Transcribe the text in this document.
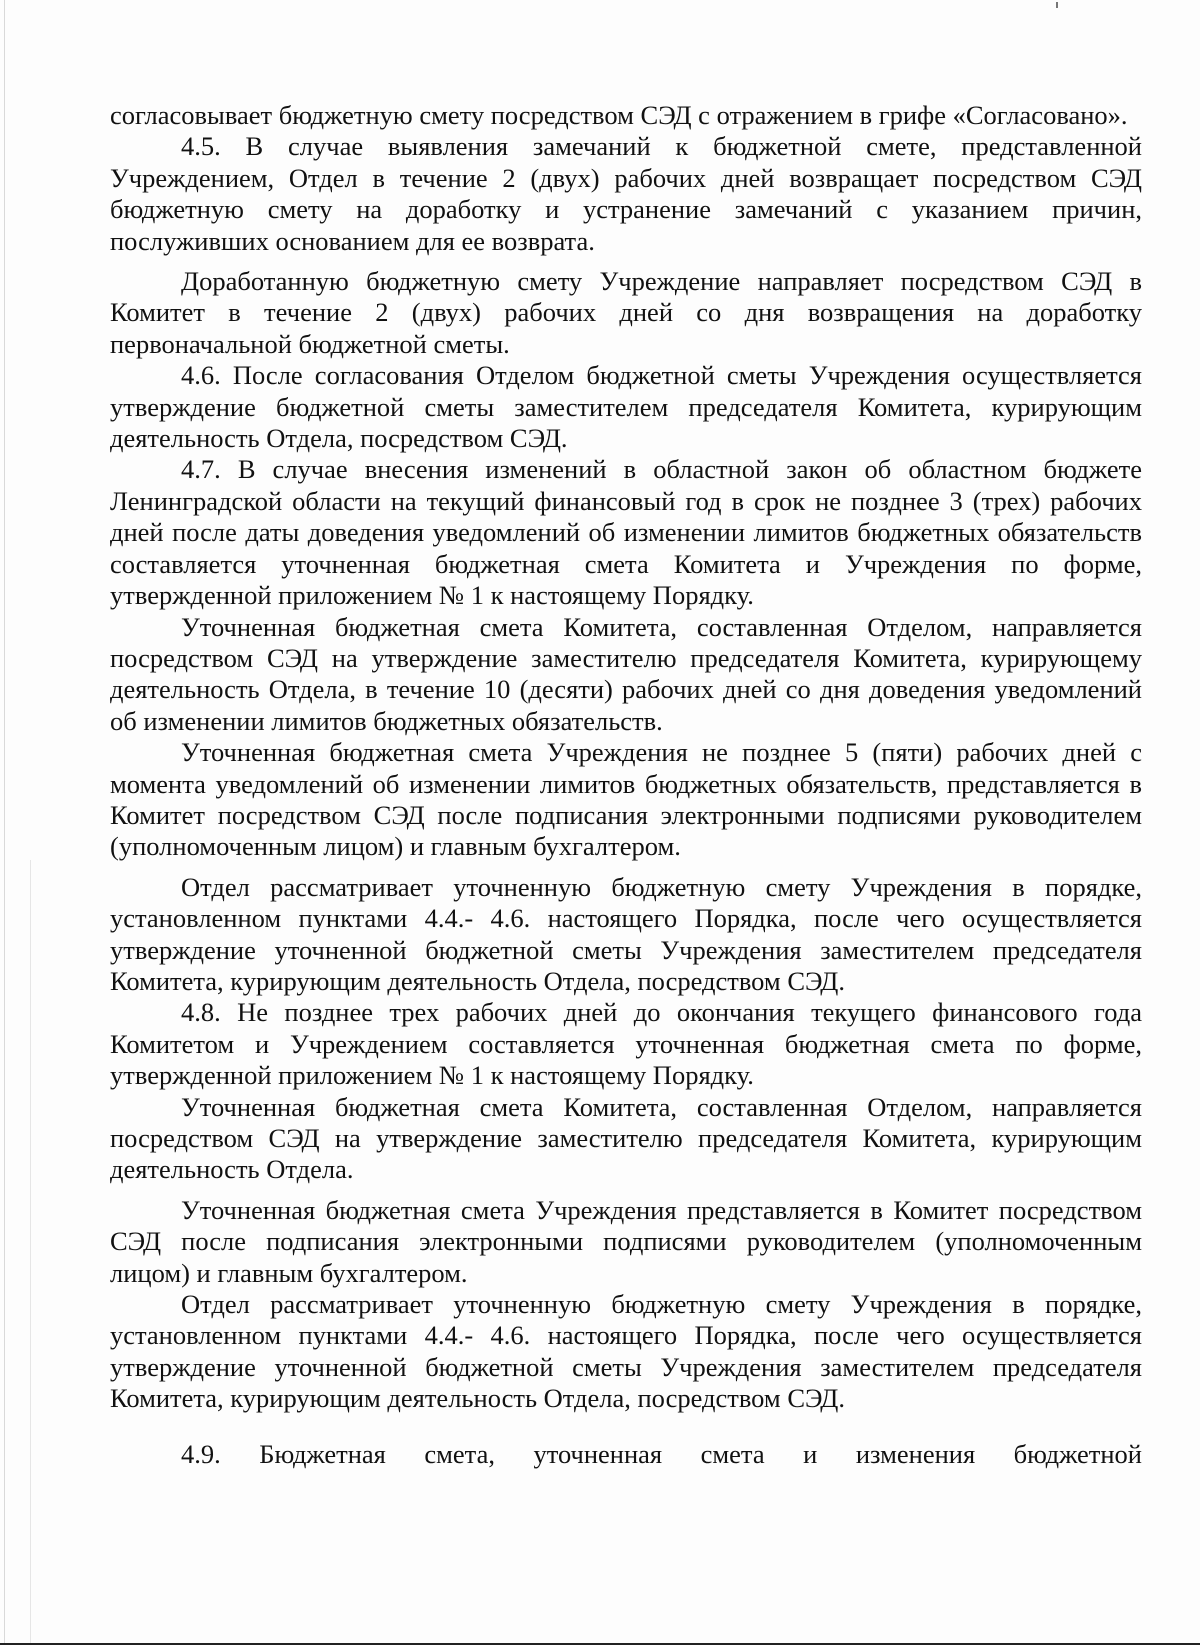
согласовывает бюджетную смету посредством СЭД с отражением в грифе «Согласовано».

4.5. В случае выявления замечаний к бюджетной смете, представленной Учреждением, Отдел в течение 2 (двух) рабочих дней возвращает посредством СЭД бюджетную смету на доработку и устранение замечаний с указанием причин, послуживших основанием для ее возврата.

Доработанную бюджетную смету Учреждение направляет посредством СЭД в Комитет в течение 2 (двух) рабочих дней со дня возвращения на доработку первоначальной бюджетной сметы.

4.6. После согласования Отделом бюджетной сметы Учреждения осуществляется утверждение бюджетной сметы заместителем председателя Комитета, курирующим деятельность Отдела, посредством СЭД.

4.7. В случае внесения изменений в областной закон об областном бюджете Ленинградской области на текущий финансовый год в срок не позднее 3 (трех) рабочих дней после даты доведения уведомлений об изменении лимитов бюджетных обязательств составляется уточненная бюджетная смета Комитета и Учреждения по форме, утвержденной приложением № 1 к настоящему Порядку.

Уточненная бюджетная смета Комитета, составленная Отделом, направляется посредством СЭД на утверждение заместителю председателя Комитета, курирующему деятельность Отдела, в течение 10 (десяти) рабочих дней со дня доведения уведомлений об изменении лимитов бюджетных обязательств.

Уточненная бюджетная смета Учреждения не позднее 5 (пяти) рабочих дней с момента уведомлений об изменении лимитов бюджетных обязательств, представляется в Комитет посредством СЭД после подписания электронными подписями руководителем (уполномоченным лицом) и главным бухгалтером.

Отдел рассматривает уточненную бюджетную смету Учреждения в порядке, установленном пунктами 4.4.- 4.6. настоящего Порядка, после чего осуществляется утверждение уточненной бюджетной сметы Учреждения заместителем председателя Комитета, курирующим деятельность Отдела, посредством СЭД.

4.8. Не позднее трех рабочих дней до окончания текущего финансового года Комитетом и Учреждением составляется уточненная бюджетная смета по форме, утвержденной приложением № 1 к настоящему Порядку.

Уточненная бюджетная смета Комитета, составленная Отделом, направляется посредством СЭД на утверждение заместителю председателя Комитета, курирующим деятельность Отдела.

Уточненная бюджетная смета Учреждения представляется в Комитет посредством СЭД после подписания электронными подписями руководителем (уполномоченным лицом) и главным бухгалтером.

Отдел рассматривает уточненную бюджетную смету Учреждения в порядке, установленном пунктами 4.4.- 4.6. настоящего Порядка, после чего осуществляется утверждение уточненной бюджетной сметы Учреждения заместителем председателя Комитета, курирующим деятельность Отдела, посредством СЭД.

4.9. Бюджетная смета, уточненная смета и изменения бюджетной
